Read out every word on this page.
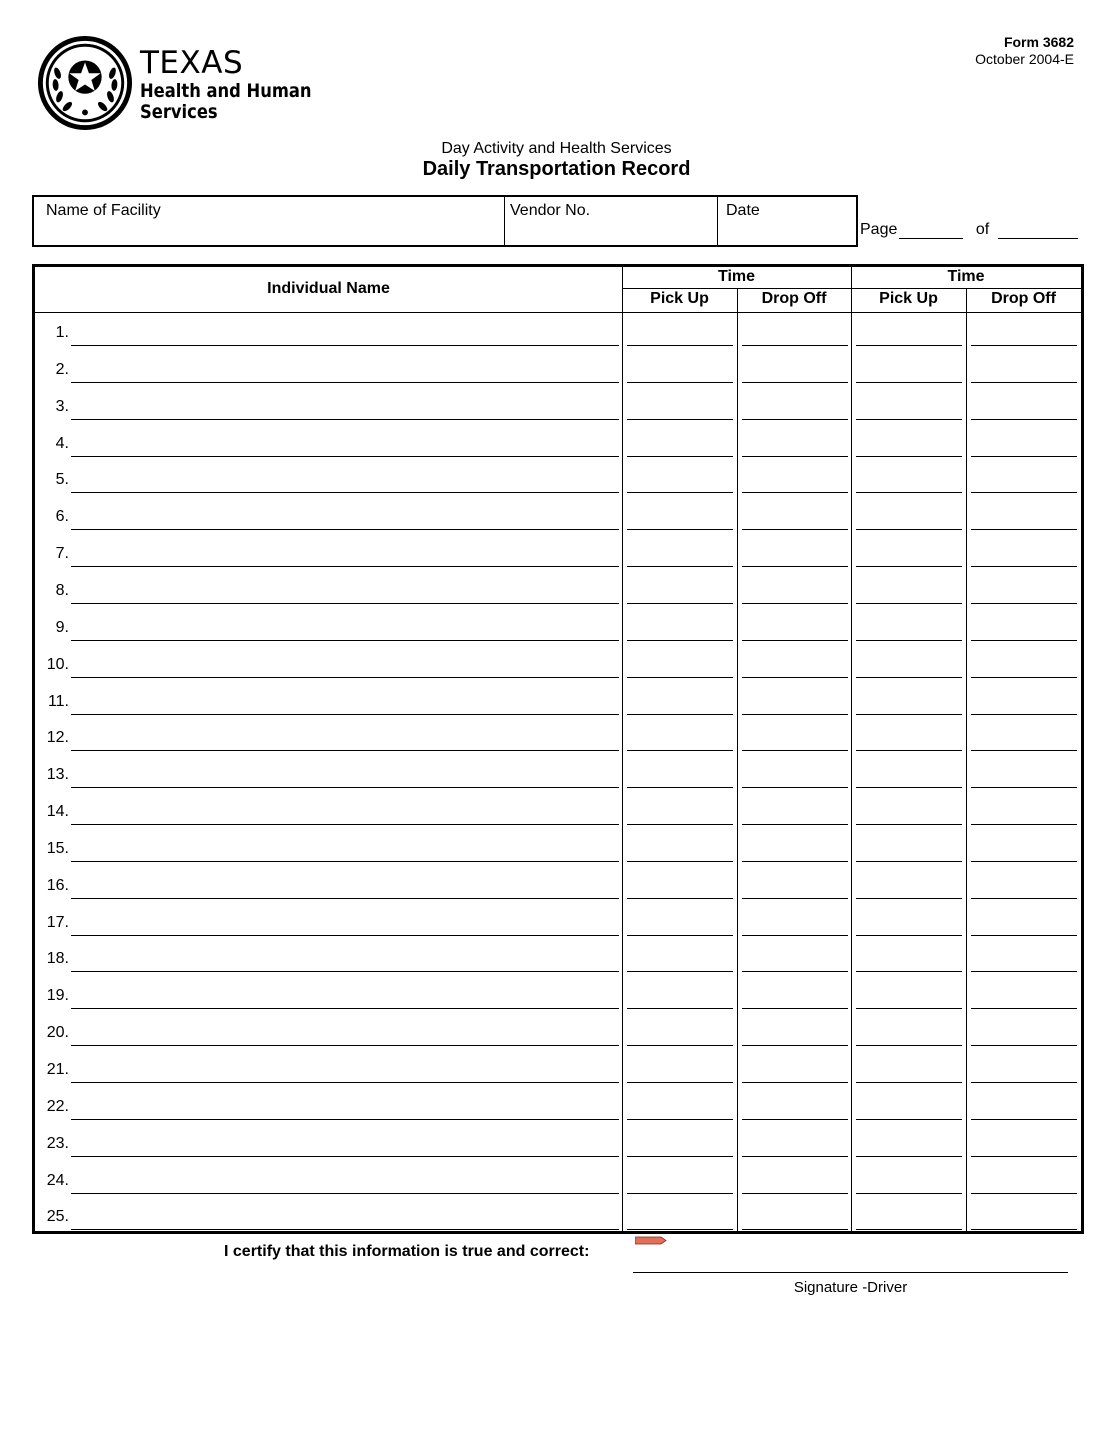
TEXAS
Health and Human
Services
Form 3682
October 2004-E
Day Activity and Health Services
Daily Transportation Record
Name of Facility	Vendor No.	Date
Page	of
Individual Name
Time	Time
Pick Up	Drop Off	Pick Up	Drop Off
1.
2.
3.
4.
5.
6.
7.
8.
9.
10.
11.
12.
13.
14.
15.
16.
17.
18.
19.
20.
21.
22.
23.
24.
25.
I certify that this information is true and correct:
Signature -Driver
